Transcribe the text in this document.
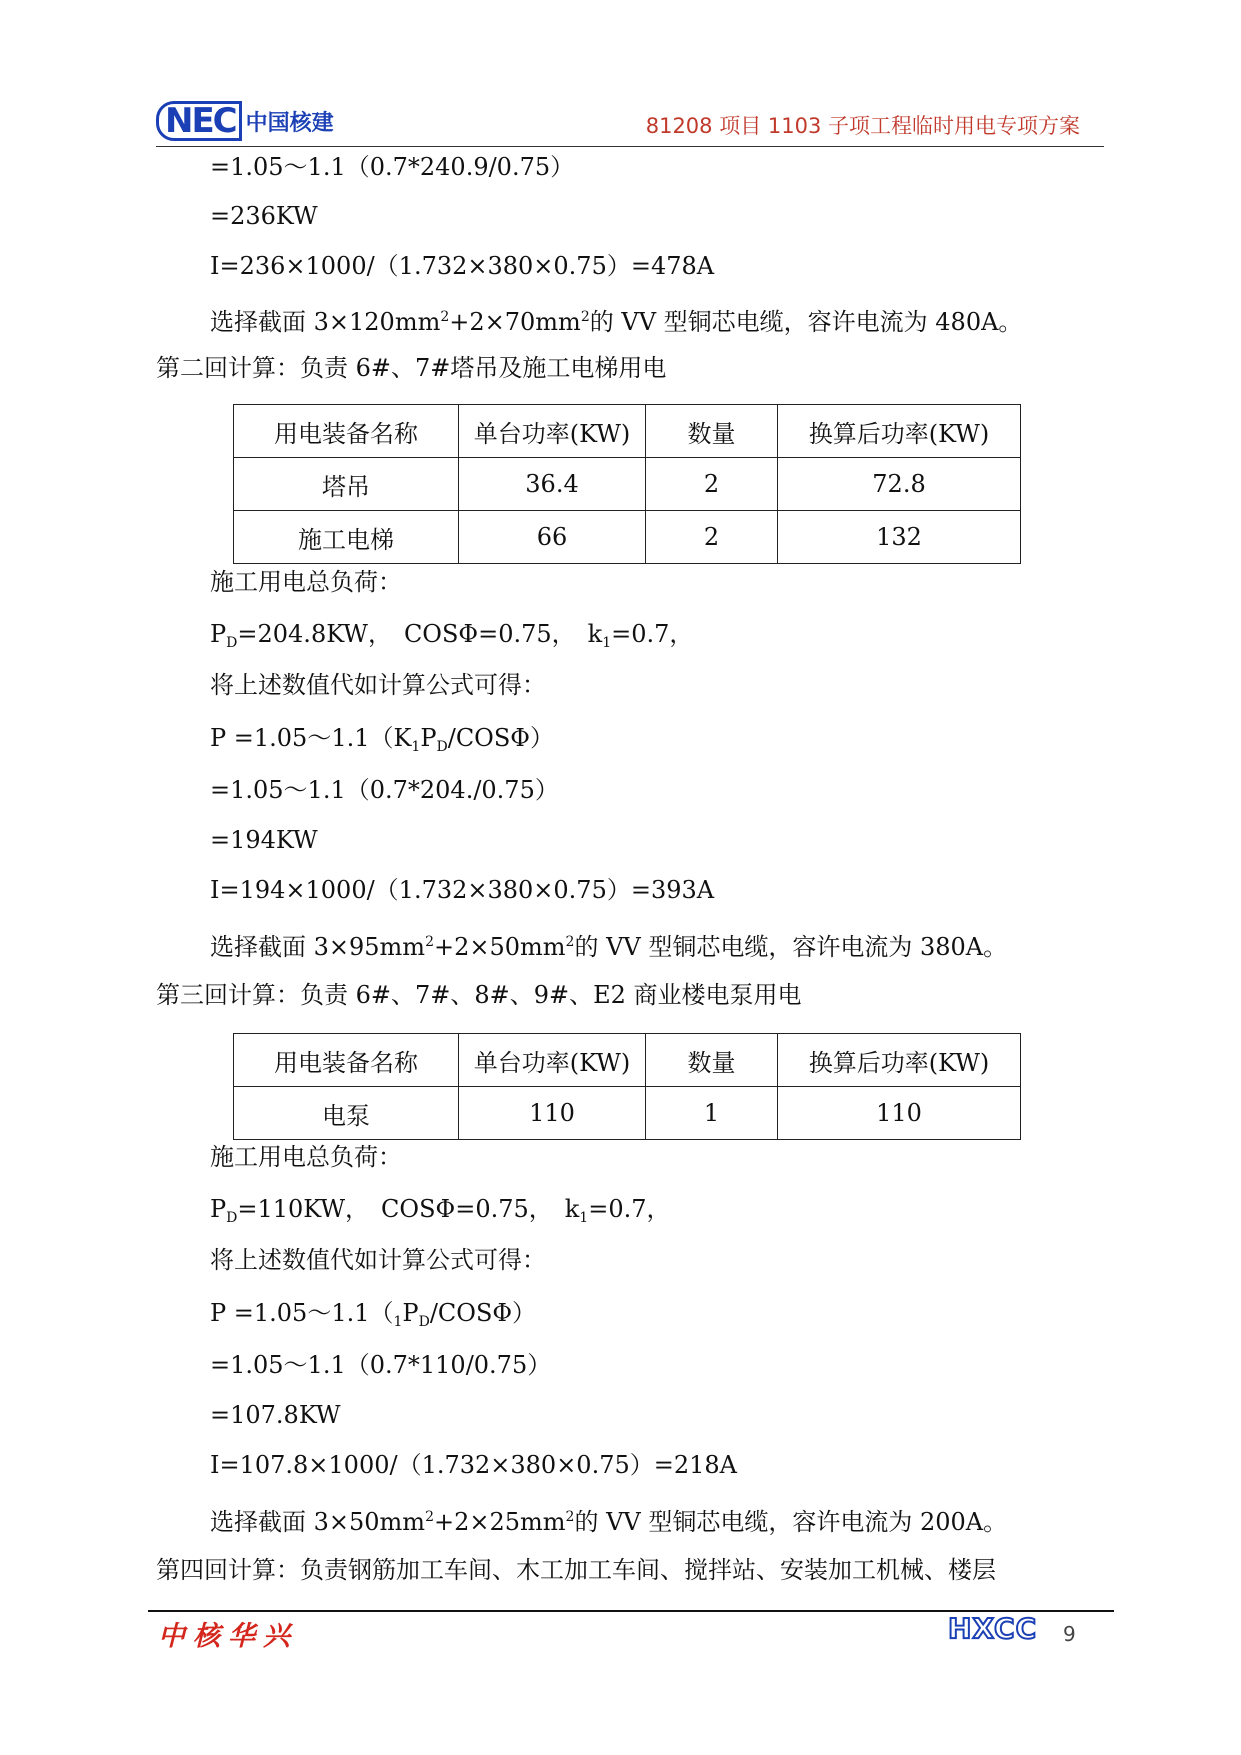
NEC 中国核建	81208 项目 1103 子项工程临时用电专项方案
=1.05～1.1（0.7*240.9/0.75）
=236KW
I=236×1000/（1.732×380×0.75）=478A
选择截面 $3\times 120mm^2+2\times 70mm^2$的 VV 型铜芯电缆，容许电流为 480A。
第二回计算：负责 6#、7#塔吊及施工电梯用电
用电装备名称	单台功率(KW)	数量	换算后功率(KW)
塔吊	36.4	2	72.8
施工电梯	66	2	132
施工用电总负荷：
$P_D=204.8KW$，　COSΦ=0.75，　$k_1=0.7$，
将上述数值代如计算公式可得：
$P =1.05\sim 1.1(K_1P_D/COS\Phi)$
=1.05～1.1（0.7*204./0.75）
=194KW
I=194×1000/（1.732×380×0.75）=393A
选择截面 $3\times 95mm^2+2\times 50mm^2$的 VV 型铜芯电缆，容许电流为 380A。
第三回计算：负责 6#、7#、8#、9#、E2 商业楼电泵用电
用电装备名称	单台功率(KW)	数量	换算后功率(KW)
电泵	110	1	110
施工用电总负荷：
$P_D=110KW$，　COSΦ=0.75，　$k_1=0.7$，
将上述数值代如计算公式可得：
$P =1.05\sim 1.1(_1P_D/COS\Phi)$
=1.05～1.1（0.7*110/0.75）
=107.8KW
I=107.8×1000/（1.732×380×0.75）=218A
选择截面 $3\times 50mm^2+2\times 25mm^2$的 VV 型铜芯电缆，容许电流为 200A。
第四回计算：负责钢筋加工车间、木工加工车间、搅拌站、安装加工机械、楼层
中核华兴	HXCC 9
